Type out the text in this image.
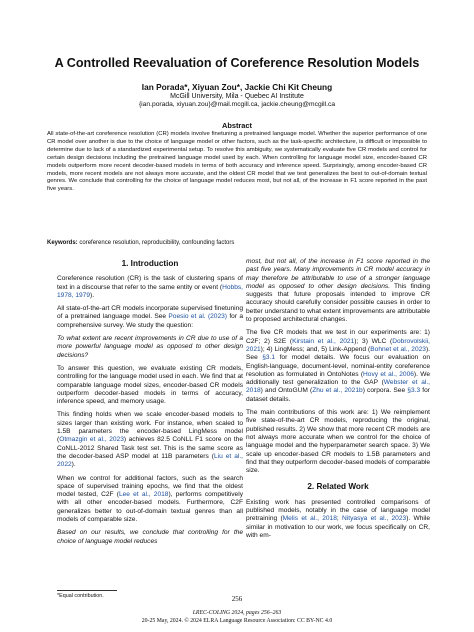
A Controlled Reevaluation of Coreference Resolution Models
Ian Porada*, Xiyuan Zou*, Jackie Chi Kit Cheung
McGill University, Mila - Quebec AI Institute
{ian.porada, xiyuan.zou}@mail.mcgill.ca, jackie.cheung@mcgill.ca
Abstract
All state-of-the-art coreference resolution (CR) models involve finetuning a pretrained language model. Whether the superior performance of one CR model over another is due to the choice of language model or other factors, such as the task-specific architecture, is difficult or impossible to determine due to lack of a standardized experimental setup. To resolve this ambiguity, we systematically evaluate five CR models and control for certain design decisions including the pretrained language model used by each. When controlling for language model size, encoder-based CR models outperform more recent decoder-based models in terms of both accuracy and inference speed. Surprisingly, among encoder-based CR models, more recent models are not always more accurate, and the oldest CR model that we test generalizes the best to out-of-domain textual genres. We conclude that controlling for the choice of language model reduces most, but not all, of the increase in F1 score reported in the past five years.
Keywords: coreference resolution, reproducibility, confounding factors
1. Introduction

Coreference resolution (CR) is the task of clustering spans of text in a discourse that refer to the same entity or event (Hobbs, 1978, 1979).

All state-of-the-art CR models incorporate supervised finetuning of a pretrained language model. See Poesio et al. (2023) for a comprehensive survey. We study the question:

To what extent are recent improvements in CR due to use of a more powerful language model as opposed to other design decisions?

To answer this question, we evaluate existing CR models, controlling for the language model used in each. We find that at comparable language model sizes, encoder-based CR models outperform decoder-based models in terms of accuracy, inference speed, and memory usage.

This finding holds when we scale encoder-based models to sizes larger than existing work. For instance, when scaled to 1.5B parameters the encoder-based LingMess model (Otmazgin et al., 2023) achieves 82.5 CoNLL F1 score on the CoNLL-2012 Shared Task test set. This is the same score as the decoder-based ASP model at 11B parameters (Liu et al., 2022).

When we control for additional factors, such as the search space of supervised training epochs, we find that the oldest model tested, C2F (Lee et al., 2018), performs competitively with all other encoder-based models. Furthermore, C2F generalizes better to out-of-domain textual genres than all models of comparable size.

Based on our results, we conclude that controlling for the choice of language model reduces

most, but not all, of the increase in F1 score reported in the past five years. Many improvements in CR model accuracy in may therefore be attributable to use of a stronger language model as opposed to other design decisions. This finding suggests that future proposals intended to improve CR accuracy should carefully consider possible causes in order to better understand to what extent improvements are attributable to proposed architectural changes.

The five CR models that we test in our experiments are: 1) C2F; 2) S2E (Kirstain et al., 2021); 3) WLC (Dobrovolskii, 2021); 4) LingMess; and, 5) Link-Append (Bohnet et al., 2023). See §3.1 for model details. We focus our evaluation on English-language, document-level, nominal-entity coreference resolution as formulated in OntoNotes (Hovy et al., 2006). We additionally test generalization to the GAP (Webster et al., 2018) and OntoGUM (Zhu et al., 2021b) corpora. See §3.3 for dataset details.

The main contributions of this work are: 1) We reimplement five state-of-the-art CR models, reproducing the original, published results. 2) We show that more recent CR models are not always more accurate when we control for the choice of language model and the hyperparameter search space. 3) We scale up encoder-based CR models to 1.5B parameters and find that they outperform decoder-based models of comparable size.

2. Related Work

Existing work has presented controlled comparisons of published models, notably in the case of language model pretraining (Melis et al., 2018; Nityasya et al., 2023). While similar in motivation to our work, we focus specifically on CR, with em-

*Equal contribution.	256
LREC-COLING 2024, pages 256–263
20-25 May, 2024. © 2024 ELRA Language Resource Association: CC BY-NC 4.0
